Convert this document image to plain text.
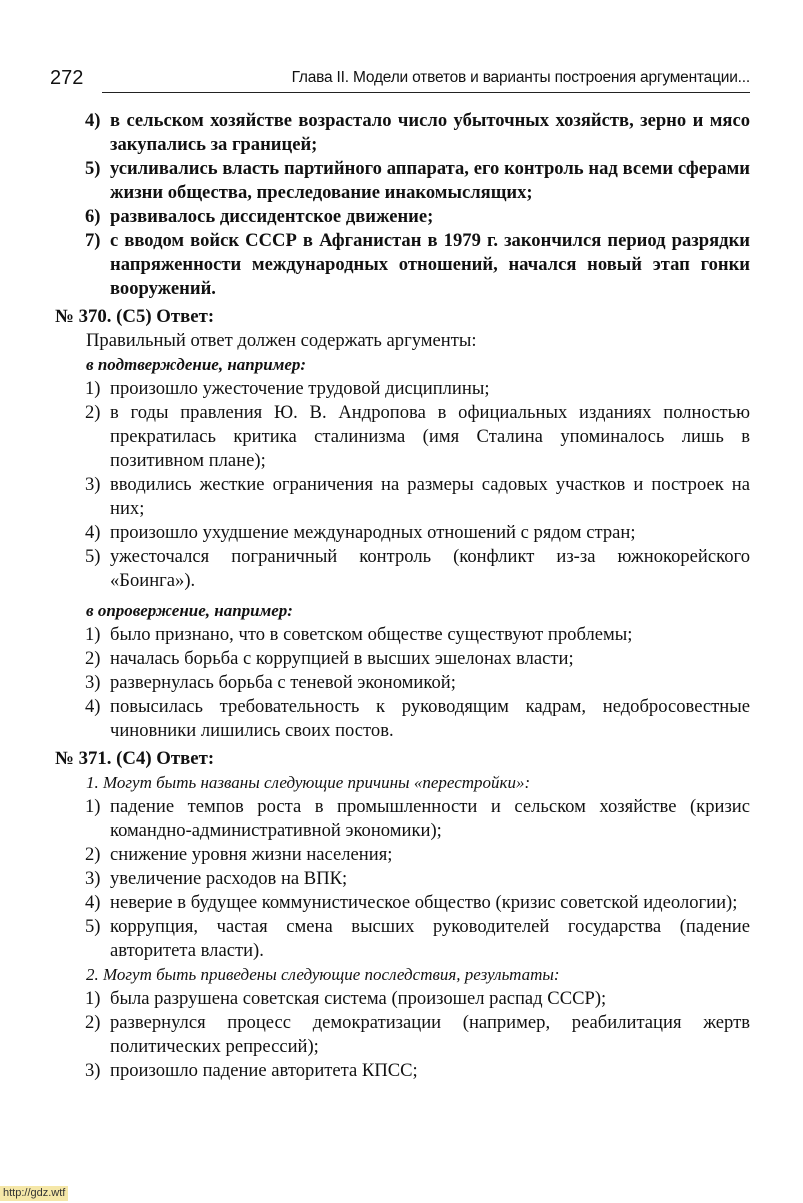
272	Глава II. Модели ответов и варианты построения аргументации...
4) в сельском хозяйстве возрастало число убыточных хозяйств, зерно и мясо закупались за границей;
5) усиливались власть партийного аппарата, его контроль над всеми сферами жизни общества, преследование инакомыслящих;
6) развивалось диссидентское движение;
7) с вводом войск СССР в Афганистан в 1979 г. закончился период разрядки напряженности международных отношений, начался новый этап гонки вооружений.
№ 370. (С5) Ответ:
Правильный ответ должен содержать аргументы:
в подтверждение, например:
1) произошло ужесточение трудовой дисциплины;
2) в годы правления Ю. В. Андропова в официальных изданиях полностью прекратилась критика сталинизма (имя Сталина упоминалось лишь в позитивном плане);
3) вводились жесткие ограничения на размеры садовых участков и построек на них;
4) произошло ухудшение международных отношений с рядом стран;
5) ужесточался пограничный контроль (конфликт из-за южнокорейского «Боинга»).
в опровержение, например:
1) было признано, что в советском обществе существуют проблемы;
2) началась борьба с коррупцией в высших эшелонах власти;
3) развернулась борьба с теневой экономикой;
4) повысилась требовательность к руководящим кадрам, недобросовестные чиновники лишились своих постов.
№ 371. (С4) Ответ:
1. Могут быть названы следующие причины «перестройки»:
1) падение темпов роста в промышленности и сельском хозяйстве (кризис командно-административной экономики);
2) снижение уровня жизни населения;
3) увеличение расходов на ВПК;
4) неверие в будущее коммунистическое общество (кризис советской идеологии);
5) коррупция, частая смена высших руководителей государства (падение авторитета власти).
2. Могут быть приведены следующие последствия, результаты:
1) была разрушена советская система (произошел распад СССР);
2) развернулся процесс демократизации (например, реабилитация жертв политических репрессий);
3) произошло падение авторитета КПСС;
http://gdz.wtf
